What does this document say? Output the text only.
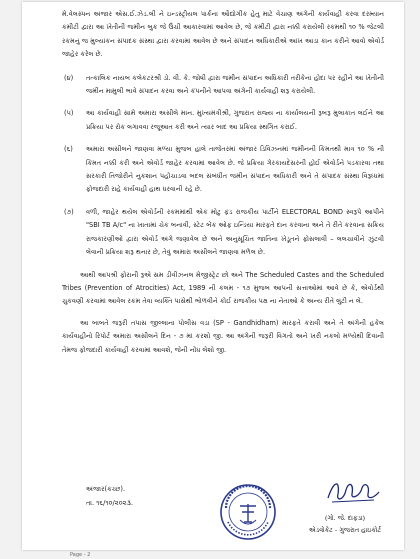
મે.વેલસ્પન અંજાર એસ.ઈ.ઝેડ.લી ને ઇન્ડસ્ટ્રીયલ પાર્કના ઔદ્યોગીક હેતુ માટે વેચાણ અંગેની કાર્યવાહી કરવા દરમ્યાન કમીટી દ્વારા આ ખેતીની જમીન બુક જે ઉંચી આકારવામાં આવેલ છે, જે કમીટી દ્વારા નક્કી કરાયેલી રકમથી ૧૦ % જેટલી રકમનું જ મુલ્યાંકન સંપાદક સંસ્થા દ્વારા કરવામાં આવેલ છે અને સંપાદન અધિકારીએ આંખ આડા કાન કરીને આવો એવોર્ડ જાહેર કરેલ છે.

(૪) તત્કાલિક નાયબ કલેકટરશ્રી ડો. વી. કે. જોષી દ્વારા જમીન સંપાદન અધિકારી તરીકેના હોદા પર રહીને આ ખેતીની જમીન મામુલી ભાવે સંપાદન કરવા અને કંપનીને આપવા અંગેની કાર્યવાહી શરૂ કરાયેલી.
(૫) આ કાર્યવાહી સામે અમારા અસીલે માન. મુખ્યમંત્રીશ્રી, ગુજરાત રાજ્ય ના કાર્યાલયની રૂબરૂ મુલાકાત લઈને આ પ્રક્રિયા પર રોક લગાવવા રજૂઆત કરી અને ત્યાર બાદ આ પ્રક્રિયા સ્થગિત કરાઈ.
(૬) અમારા અસીલને જાણવા મળ્યા મુજબ હાલે તાજેતરમાં અંજાર ડિવિઝનમાં જમીનની કિંમતથી માત્ર ૧૦ % ની કિંમત નક્કી કરી અને એવોર્ડ જાહેર કરવામાં આવેલ છે. જે પ્રક્રિયા ગેરકાયદેસરની હોઈ એવોર્ડને પડકારવા તથા સરકારી તિજોરીને નુકશાન પહોંચાડવા બદલ સંબંધીત જમીન સંપાદન અધિકારી અને તે સંપાદક સંસ્થા વિરૂધ્ધમાં ફોજદારી રાહે કાર્યવાહી હાથ ધરવાની રહે છે.
(૭) વળી, જાહેર થયેલ એવોર્ડની રકમમાંથી એક મોટુ ફંડ રાજકીય પાર્ટીને ELECTORAL BOND સ્વરૂપે આપીને "SBI TB A/c" ના ખાતામાં ચેક બનાવી, સ્ટેટ બેંક ઓફ ઇન્ડિયા મારફતે દાન કરવાના અને તે રીતે કરવાના સક્રિય રાજકારણીઓ દ્વારા એવોર્ડ અંગે જણાવેલ છે અને અનુસૂચિત જાતિના ખેડૂતને ફોસલાવી – લલચાવીને ઝુંટવી લેવાની પ્રક્રિયા શરૂ થનાર છે, તેવું અમારા અસીલને જાણવા મળેલ છે.

આથી આપશ્રી ફોરાની રૂએ સમ ડીવીઝનલ મેજીસ્ટ્રેટ છો અને The Scheduled Castes and the Scheduled Tribes (Prevention of Atrocities) Act, 1989 ની કલમ - ૧૭ મુજબ આપની સત્તાઓમાં આવે છે કે, એવોર્ડથી ચુકવણી કરવામાં આવેલ રકમ તેવા વ્યક્તિ પાસેથી ભોળવીને કોઈ રાજકીય પક્ષ ના નેતાઓ કે અન્ય રીતે લુંટી ન લે.

આ બાબતે જરૂરી તપાસ જીલ્લાના પોલીસ વડા (SP - Gandhidham) મારફતે કરાવી અને તે અંગેની હકેલ કાર્યવાહીનો રિપોર્ટ અમારા અસીલને દિન - ૭ માં કરશો જી. આ અંગેની જરૂરી વિગતો અને ખરી નકલો મળ્યેથી દિવાની તેમજ ફોજદારી કાર્યવાહી કરવામાં આવશે, જેની નોંધ લેશો જી.

અંજાર(કચ્છ).
તા. ૧૬/૧૦/૨૦૨૩.
(ગો. જે. દાફડા)
એડવોકેટ - ગુજરાત હાઇકોર્ટ
Page - 2
